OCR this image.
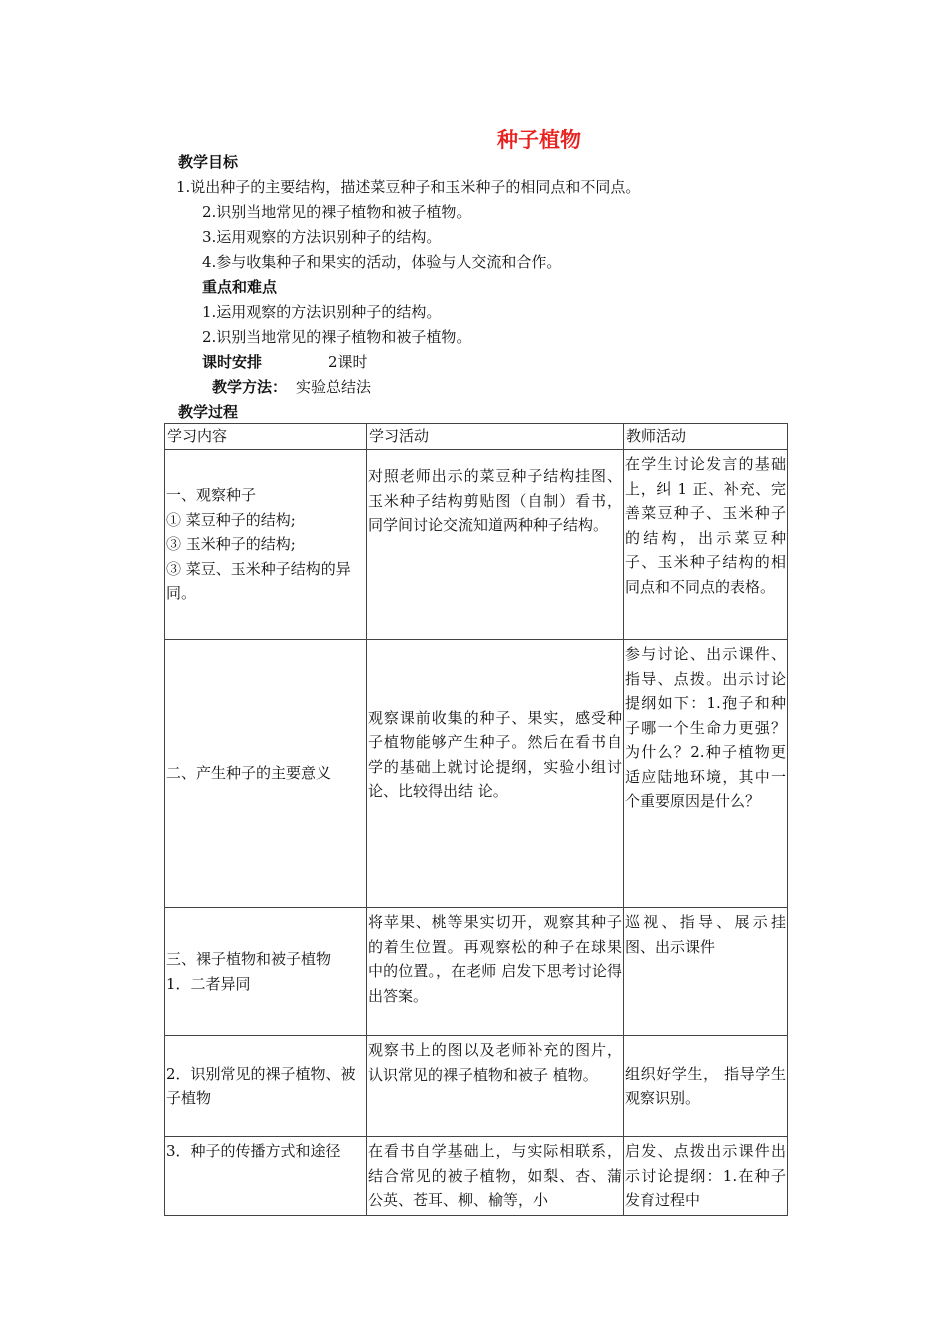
种子植物
教学目标
1.说出种子的主要结构，描述菜豆种子和玉米种子的相同点和不同点。
2.识别当地常见的裸子植物和被子植物。
3.运用观察的方法识别种子的结构。
4.参与收集种子和果实的活动，体验与人交流和合作。
重点和难点
1.运用观察的方法识别种子的结构。
2.识别当地常见的裸子植物和被子植物。
课时安排	2课时
教学方法： 实验总结法
教学过程
学习内容	学习活动	教师活动

一、观察种子
① 菜豆种子的结构;
③ 玉米种子的结构;
③ 菜豆、玉米种子结构的异同。	对照老师出示的菜豆种子结构挂图、玉米种子结构剪贴图（自制）看书，同学间讨论交流知道两种种子结构。	在学生讨论发言的基础上，纠 1 正、补充、完善菜豆种子、玉米种子的结构，出示菜豆种子、玉米种子结构的相同点和不同点的表格。

二、产生种子的主要意义	观察课前收集的种子、果实，感受种子植物能够产生种子。然后在看书自学的基础上就讨论提纲，实验小组讨论、比较得出结 论。	参与讨论、出示课件、指导、点拨。出示讨论提纲如下：1.孢子和种子哪一个生命力更强？为什么？2.种子植物更适应陆地环境，其中一个重要原因是什么？

三、裸子植物和被子植物
1．二者异同	将苹果、桃等果实切开，观察其种子的着生位置。再观察松的种子在球果中的位置。，在老师 启发下思考讨论得出答案。	巡视、指导、展示挂图、出示课件

2．识别常见的裸子植物、被子植物	观察书上的图以及老师补充的图片，认识常见的裸子植物和被子 植物。	组织好学生， 指导学生观察识别。

3．种子的传播方式和途径	在看书自学基础上，与实际相联系，结合常见的被子植物，如梨、杏、蒲公英、苍耳、柳、榆等，小	启发、点拨出示课件出示讨论提纲：1.在种子发育过程中
